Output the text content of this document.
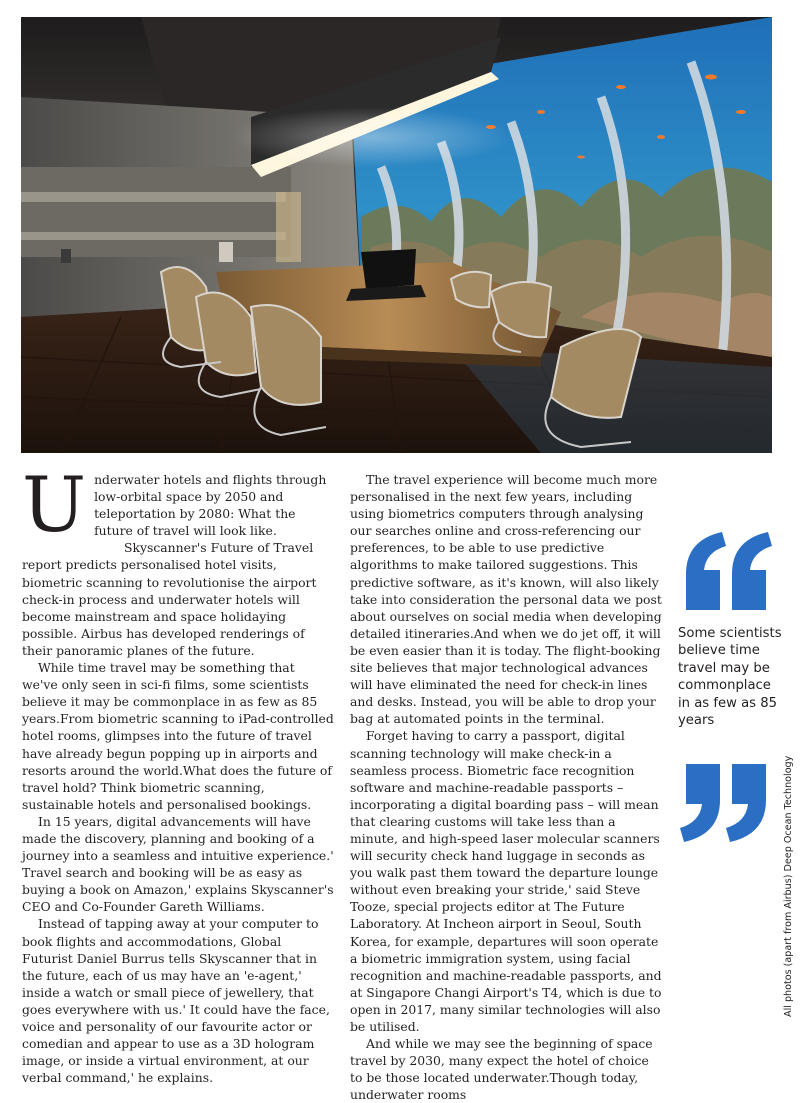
U nderwater hotels and flights through low-orbital space by 2050 and teleportation by 2080: What the future of travel will look like.

Skyscanner's Future of Travel report predicts personalised hotel visits, biometric scanning to revolutionise the airport check-in process and underwater hotels will become mainstream and space holidaying possible. Airbus has developed renderings of their panoramic planes of the future.

While time travel may be something that we've only seen in sci-fi films, some scientists believe it may be commonplace in as few as 85 years.From biometric scanning to iPad-controlled hotel rooms, glimpses into the future of travel have already begun popping up in airports and resorts around the world.What does the future of travel hold? Think biometric scanning, sustainable hotels and personalised bookings.

In 15 years, digital advancements will have made the discovery, planning and booking of a journey into a seamless and intuitive experience.' Travel search and booking will be as easy as buying a book on Amazon,' explains Skyscanner's CEO and Co-Founder Gareth Williams.

Instead of tapping away at your computer to book flights and accommodations, Global Futurist Daniel Burrus tells Skyscanner that in the future, each of us may have an 'e-agent,' inside a watch or small piece of jewellery, that goes everywhere with us.' It could have the face, voice and personality of our favourite actor or comedian and appear to use as a 3D hologram image, or inside a virtual environment, at our verbal command,' he explains.

The travel experience will become much more personalised in the next few years, including using biometrics computers through analysing our searches online and cross-referencing our preferences, to be able to use predictive algorithms to make tailored suggestions. This predictive software, as it's known, will also likely take into consideration the personal data we post about ourselves on social media when developing detailed itineraries.And when we do jet off, it will be even easier than it is today. The flight-booking site believes that major technological advances will have eliminated the need for check-in lines and desks. Instead, you will be able to drop your bag at automated points in the terminal.

Forget having to carry a passport, digital scanning technology will make check-in a seamless process. Biometric face recognition software and machine-readable passports – incorporating a digital boarding pass – will mean that clearing customs will take less than a minute, and high-speed laser molecular scanners will security check hand luggage in seconds as you walk past them toward the departure lounge without even breaking your stride,' said Steve Tooze, special projects editor at The Future Laboratory. At Incheon airport in Seoul, South Korea, for example, departures will soon operate a biometric immigration system, using facial recognition and machine-readable passports, and at Singapore Changi Airport's T4, which is due to open in 2017, many similar technologies will also be utilised.

And while we may see the beginning of space travel by 2030, many expect the hotel of choice to be those located underwater.Though today, underwater rooms

Some scientists believe time travel may be commonplace in as few as 85 years
All photos (apart from Airbus) Deep Ocean Technology
